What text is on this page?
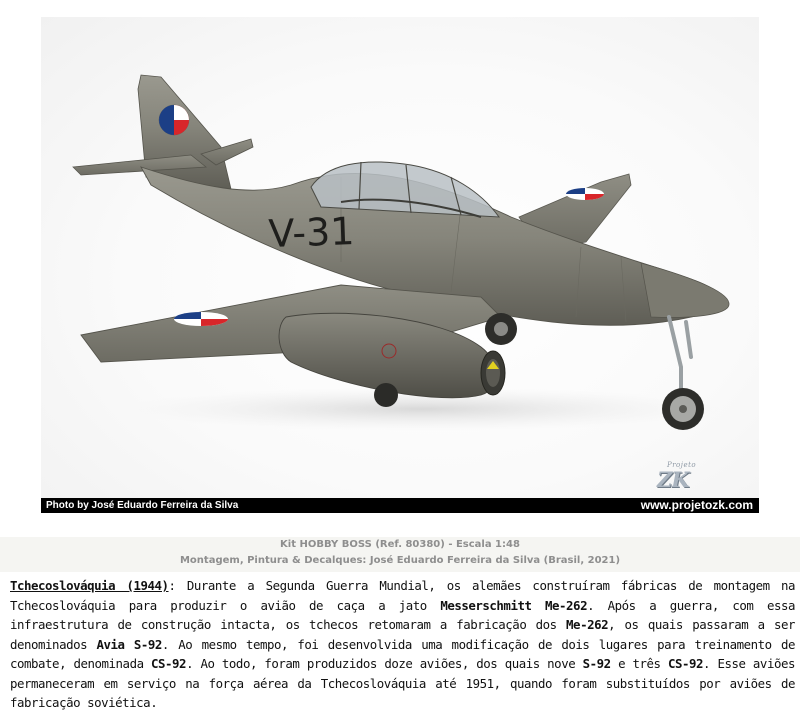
V-31
Projeto
ZK
Photo by José Eduardo Ferreira da Silva	www.projetozk.com
Kit HOBBY BOSS (Ref. 80380) - Escala 1:48
Montagem, Pintura & Decalques: José Eduardo Ferreira da Silva (Brasil, 2021)
Tchecoslováquia (1944): Durante a Segunda Guerra Mundial, os alemães construíram fábricas de montagem na Tchecoslováquia para produzir o avião de caça a jato Messerschmitt Me-262. Após a guerra, com essa infraestrutura de construção intacta, os tchecos retomaram a fabricação dos Me-262, os quais passaram a ser denominados Avia S-92. Ao mesmo tempo, foi desenvolvida uma modificação de dois lugares para treinamento de combate, denominada CS-92. Ao todo, foram produzidos doze aviões, dos quais nove S-92 e três CS-92. Esse aviões permaneceram em serviço na força aérea da Tchecoslováquia até 1951, quando foram substituídos por aviões de fabricação soviética.
